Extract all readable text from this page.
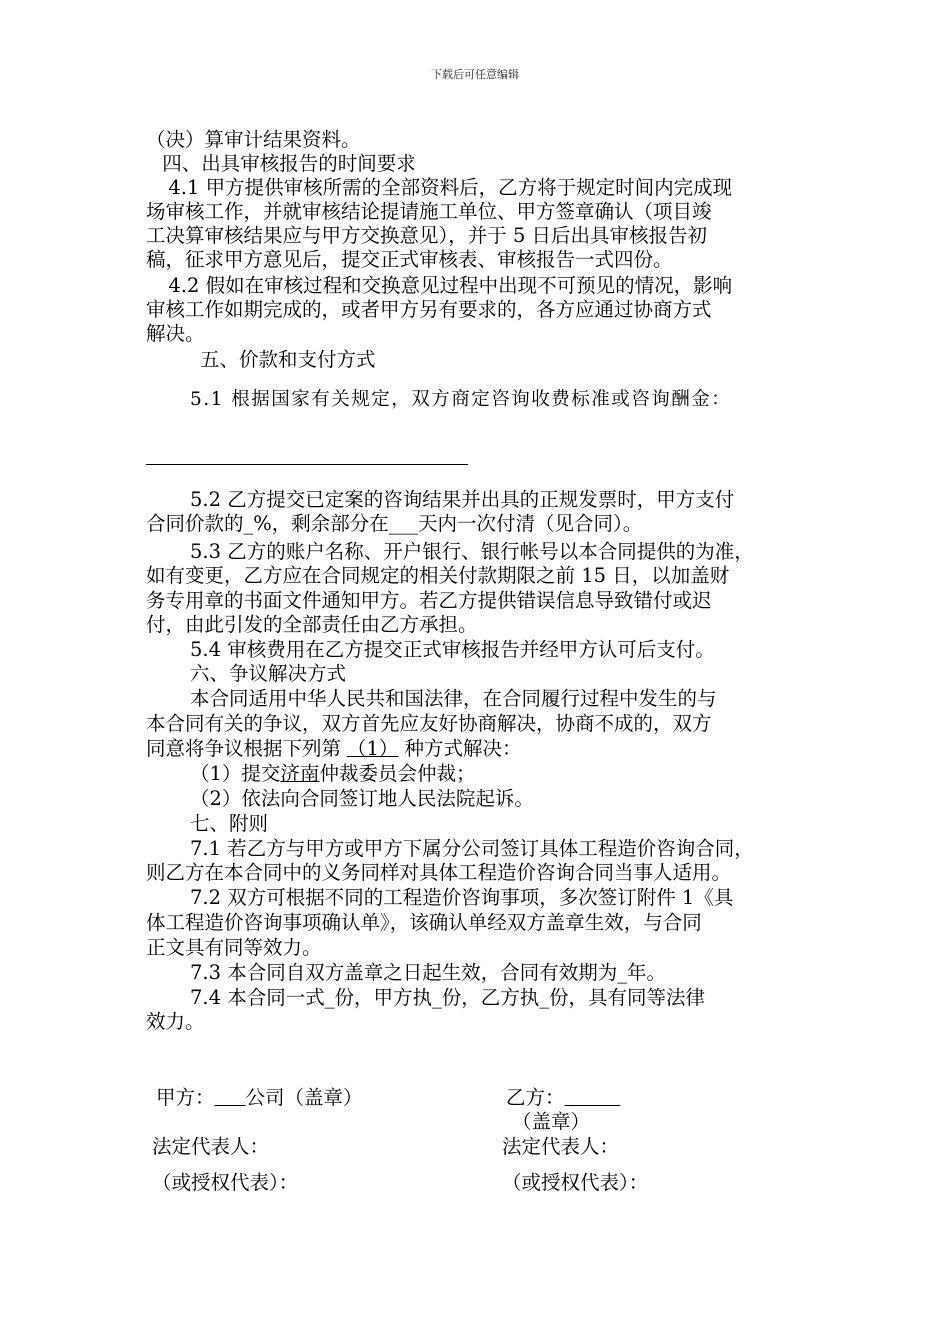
下载后可任意编辑
（决）算审计结果资料。
四、出具审核报告的时间要求
4.1 甲方提供审核所需的全部资料后，乙方将于规定时间内完成现
场审核工作，并就审核结论提请施工单位、甲方签章确认（项目竣
工决算审核结果应与甲方交换意见），并于 5 日后出具审核报告初
稿，征求甲方意见后，提交正式审核表、审核报告一式四份。
4.2 假如在审核过程和交换意见过程中出现不可预见的情况，影响
审核工作如期完成的，或者甲方另有要求的，各方应通过协商方式
解决。
五、价款和支付方式
5.1 根据国家有关规定，双方商定咨询收费标准或咨询酬金：
5.2 乙方提交已定案的咨询结果并出具的正规发票时，甲方支付
合同价款的_%，剩余部分在___天内一次付清（见合同）。
5.3 乙方的账户名称、开户银行、银行帐号以本合同提供的为准，
如有变更，乙方应在合同规定的相关付款期限之前 15 日，以加盖财
务专用章的书面文件通知甲方。若乙方提供错误信息导致错付或迟
付，由此引发的全部责任由乙方承担。
5.4 审核费用在乙方提交正式审核报告并经甲方认可后支付。
六、争议解决方式
本合同适用中华人民共和国法律，在合同履行过程中发生的与
本合同有关的争议，双方首先应友好协商解决，协商不成的，双方
同意将争议根据下列第 （1） 种方式解决：
（1）提交济南仲裁委员会仲裁；
（2）依法向合同签订地人民法院起诉。
七、附则
7.1 若乙方与甲方或甲方下属分公司签订具体工程造价咨询合同，
则乙方在本合同中的义务同样对具体工程造价咨询合同当事人适用。
7.2 双方可根据不同的工程造价咨询事项，多次签订附件 1《具
体工程造价咨询事项确认单》，该确认单经双方盖章生效，与合同
正文具有同等效力。
7.3 本合同自双方盖章之日起生效，合同有效期为_年。
7.4 本合同一式_份，甲方执_份，乙方执_份，具有同等法律
效力。
甲方： 公司（盖章）	乙方：
（盖章）
法定代表人：	法定代表人：
（或授权代表）：	（或授权代表）：
